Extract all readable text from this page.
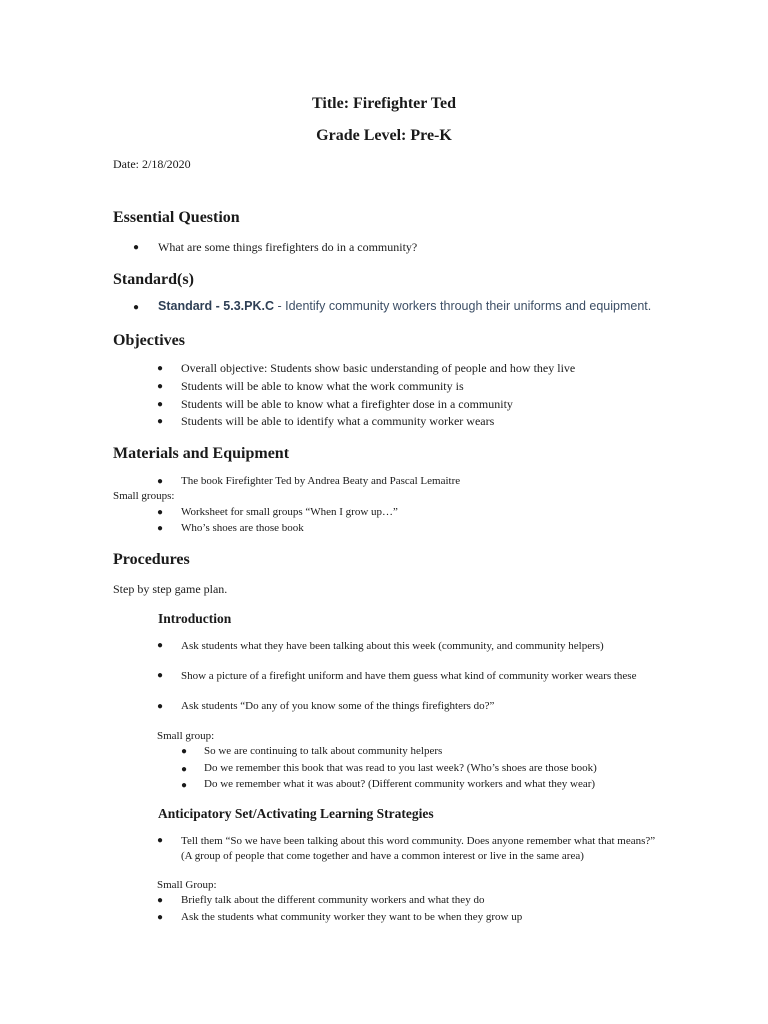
Title: Firefighter Ted
Grade Level: Pre-K
Date: 2/18/2020
Essential Question
● What are some things firefighters do in a community?
Standard(s)
● Standard - 5.3.PK.C - Identify community workers through their uniforms and equipment.
Objectives
● Overall objective: Students show basic understanding of people and how they live
● Students will be able to know what the work community is
● Students will be able to know what a firefighter dose in a community
● Students will be able to identify what a community worker wears
Materials and Equipment
● The book Firefighter Ted by Andrea Beaty and Pascal Lemaitre
Small groups:
● Worksheet for small groups “When I grow up…”
● Who’s shoes are those book
Procedures
Step by step game plan.
Introduction
● Ask students what they have been talking about this week (community, and community helpers)
● Show a picture of a firefight uniform and have them guess what kind of community worker wears these
● Ask students “Do any of you know some of the things firefighters do?”
Small group:
● So we are continuing to talk about community helpers
● Do we remember this book that was read to you last week? (Who’s shoes are those book)
● Do we remember what it was about? (Different community workers and what they wear)
Anticipatory Set/Activating Learning Strategies
● Tell them “So we have been talking about this word community. Does anyone remember what that means?” (A group of people that come together and have a common interest or live in the same area)
Small Group:
● Briefly talk about the different community workers and what they do
● Ask the students what community worker they want to be when they grow up
